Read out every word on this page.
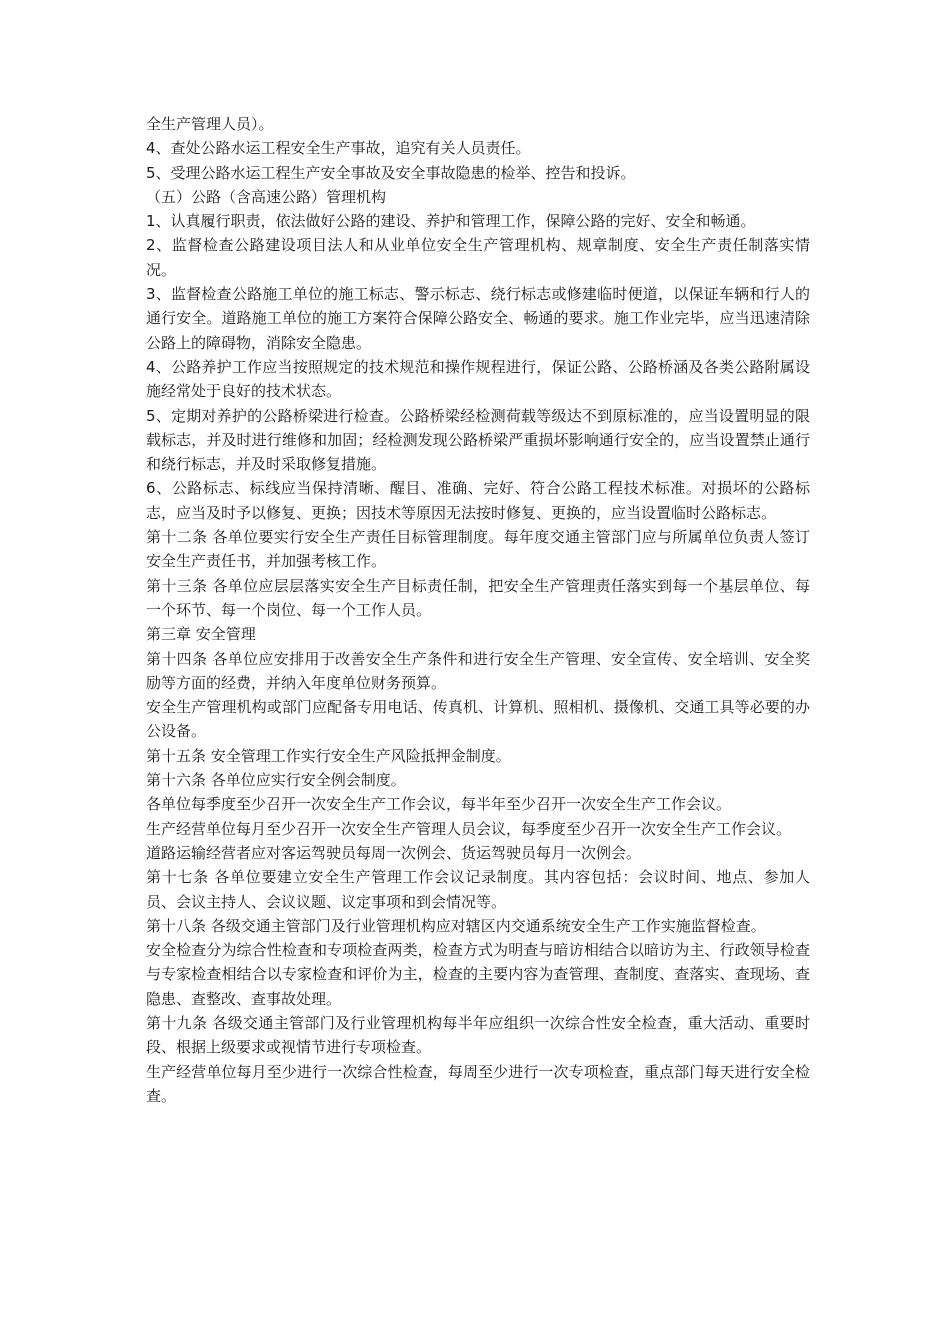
全生产管理人员）。

4、查处公路水运工程安全生产事故，追究有关人员责任。

5、受理公路水运工程生产安全事故及安全事故隐患的检举、控告和投诉。

（五）公路（含高速公路）管理机构

1、认真履行职责，依法做好公路的建设、养护和管理工作，保障公路的完好、安全和畅通。

2、监督检查公路建设项目法人和从业单位安全生产管理机构、规章制度、安全生产责任制落实情况。

3、监督检查公路施工单位的施工标志、警示标志、绕行标志或修建临时便道，以保证车辆和行人的通行安全。道路施工单位的施工方案符合保障公路安全、畅通的要求。施工作业完毕，应当迅速清除公路上的障碍物，消除安全隐患。

4、公路养护工作应当按照规定的技术规范和操作规程进行，保证公路、公路桥涵及各类公路附属设施经常处于良好的技术状态。

5、定期对养护的公路桥梁进行检查。公路桥梁经检测荷载等级达不到原标准的，应当设置明显的限载标志，并及时进行维修和加固；经检测发现公路桥梁严重损坏影响通行安全的，应当设置禁止通行和绕行标志，并及时采取修复措施。

6、公路标志、标线应当保持清晰、醒目、准确、完好、符合公路工程技术标准。对损坏的公路标志，应当及时予以修复、更换；因技术等原因无法按时修复、更换的，应当设置临时公路标志。

第十二条 各单位要实行安全生产责任目标管理制度。每年度交通主管部门应与所属单位负责人签订安全生产责任书，并加强考核工作。

第十三条 各单位应层层落实安全生产目标责任制，把安全生产管理责任落实到每一个基层单位、每一个环节、每一个岗位、每一个工作人员。

第三章 安全管理

第十四条 各单位应安排用于改善安全生产条件和进行安全生产管理、安全宣传、安全培训、安全奖励等方面的经费，并纳入年度单位财务预算。

安全生产管理机构或部门应配备专用电话、传真机、计算机、照相机、摄像机、交通工具等必要的办公设备。

第十五条 安全管理工作实行安全生产风险抵押金制度。

第十六条 各单位应实行安全例会制度。

各单位每季度至少召开一次安全生产工作会议，每半年至少召开一次安全生产工作会议。

生产经营单位每月至少召开一次安全生产管理人员会议，每季度至少召开一次安全生产工作会议。

道路运输经营者应对客运驾驶员每周一次例会、货运驾驶员每月一次例会。

第十七条 各单位要建立安全生产管理工作会议记录制度。其内容包括：会议时间、地点、参加人员、会议主持人、会议议题、议定事项和到会情况等。

第十八条 各级交通主管部门及行业管理机构应对辖区内交通系统安全生产工作实施监督检查。

安全检查分为综合性检查和专项检查两类，检查方式为明查与暗访相结合以暗访为主、行政领导检查与专家检查相结合以专家检查和评价为主，检查的主要内容为查管理、查制度、查落实、查现场、查隐患、查整改、查事故处理。

第十九条 各级交通主管部门及行业管理机构每半年应组织一次综合性安全检查，重大活动、重要时段、根据上级要求或视情节进行专项检查。

生产经营单位每月至少进行一次综合性检查，每周至少进行一次专项检查，重点部门每天进行安全检查。
